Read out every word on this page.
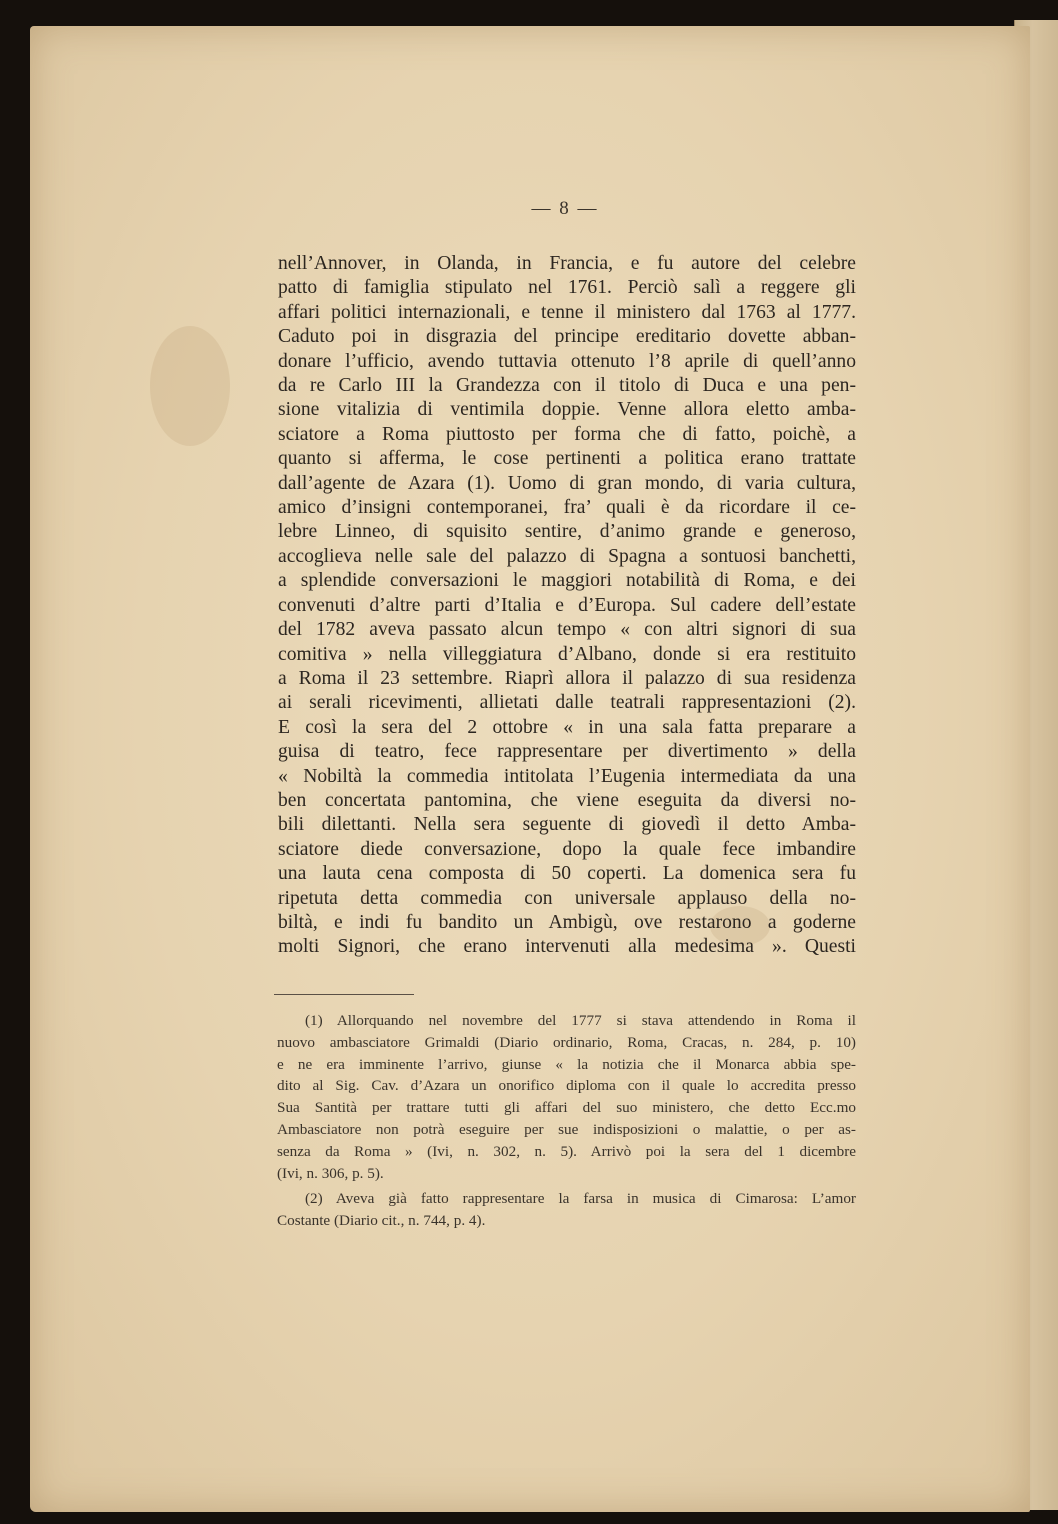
— 8 —
nell’Annover, in Olanda, in Francia, e fu autore del celebre
patto di famiglia stipulato nel 1761. Perciò salì a reggere gli
affari politici internazionali, e tenne il ministero dal 1763 al 1777.
Caduto poi in disgrazia del principe ereditario dovette abban-
donare l’ufficio, avendo tuttavia ottenuto l’8 aprile di quell’anno
da re Carlo III la Grandezza con il titolo di Duca e una pen-
sione vitalizia di ventimila doppie. Venne allora eletto amba-
sciatore a Roma piuttosto per forma che di fatto, poichè, a
quanto si afferma, le cose pertinenti a politica erano trattate
dall’agente de Azara (1). Uomo di gran mondo, di varia cultura,
amico d’insigni contemporanei, fra’ quali è da ricordare il ce-
lebre Linneo, di squisito sentire, d’animo grande e generoso,
accoglieva nelle sale del palazzo di Spagna a sontuosi banchetti,
a splendide conversazioni le maggiori notabilità di Roma, e dei
convenuti d’altre parti d’Italia e d’Europa. Sul cadere dell’estate
del 1782 aveva passato alcun tempo « con altri signori di sua
comitiva » nella villeggiatura d’Albano, donde si era restituito
a Roma il 23 settembre. Riaprì allora il palazzo di sua residenza
ai serali ricevimenti, allietati dalle teatrali rappresentazioni (2).
E così la sera del 2 ottobre « in una sala fatta preparare a
guisa di teatro, fece rappresentare per divertimento » della
« Nobiltà la commedia intitolata l’Eugenia intermediata da una
ben concertata pantomina, che viene eseguita da diversi no-
bili dilettanti. Nella sera seguente di giovedì il detto Amba-
sciatore diede conversazione, dopo la quale fece imbandire
una lauta cena composta di 50 coperti. La domenica sera fu
ripetuta detta commedia con universale applauso della no-
biltà, e indi fu bandito un Ambigù, ove restarono a goderne
molti Signori, che erano intervenuti alla medesima ». Questi
(1) Allorquando nel novembre del 1777 si stava attendendo in Roma il
nuovo ambasciatore Grimaldi (Diario ordinario, Roma, Cracas, n. 284, p. 10)
e ne era imminente l’arrivo, giunse « la notizia che il Monarca abbia spe-
dito al Sig. Cav. d’Azara un onorifico diploma con il quale lo accredita presso
Sua Santità per trattare tutti gli affari del suo ministero, che detto Ecc.mo
Ambasciatore non potrà eseguire per sue indisposizioni o malattie, o per as-
senza da Roma » (Ivi, n. 302, n. 5). Arrivò poi la sera del 1 dicembre
(Ivi, n. 306, p. 5).
(2) Aveva già fatto rappresentare la farsa in musica di Cimarosa: L’amor
Costante (Diario cit., n. 744, p. 4).
